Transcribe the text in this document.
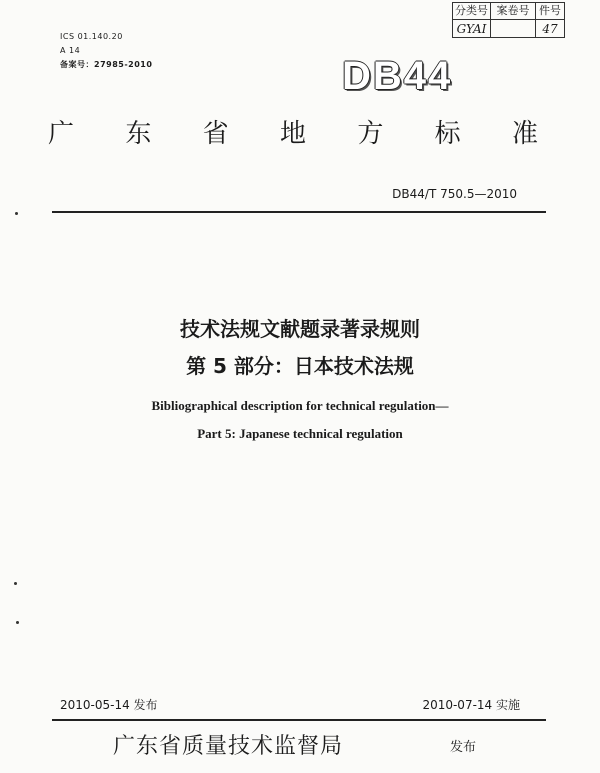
分类号	案卷号	件号
GYAI		47
ICS 01.140.20
A 14
备案号：27985-2010	DB44
广 东 省 地 方 标 准
DB44/T 750.5—2010
技术法规文献题录著录规则
第 5 部分：日本技术法规
Bibliographical description for technical regulation—
Part 5: Japanese technical regulation
2010-05-14 发布	2010-07-14 实施
广东省质量技术监督局	发布
